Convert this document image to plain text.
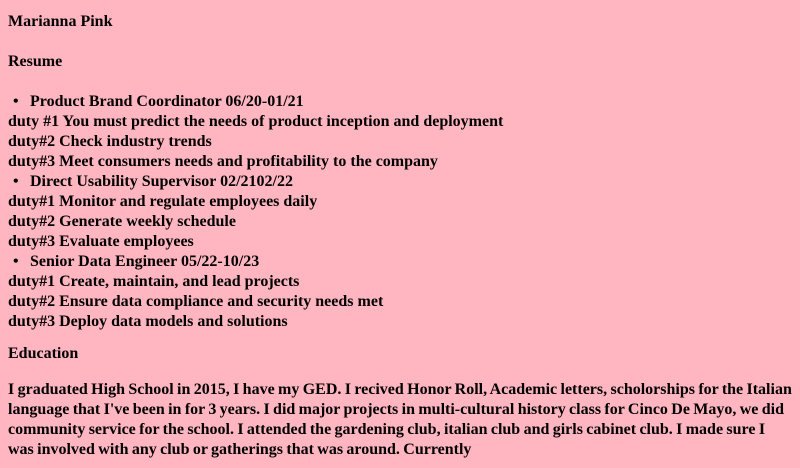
Marianna Pink
Resume
• Product Brand Coordinator 06/20-01/21
duty #1 You must predict the needs of product inception and deployment
duty#2 Check industry trends
duty#3 Meet consumers needs and profitability to the company
• Direct Usability Supervisor 02/2102/22
duty#1 Monitor and regulate employees daily
duty#2 Generate weekly schedule
duty#3 Evaluate employees
• Senior Data Engineer 05/22-10/23
duty#1 Create, maintain, and lead projects
duty#2 Ensure data compliance and security needs met
duty#3 Deploy data models and solutions
Education

I graduated High School in 2015, I have my GED. I recived Honor Roll, Academic letters, scholorships for the Italian language that I've been in for 3 years. I did major projects in multi-cultural history class for Cinco De Mayo, we did community service for the school. I attended the gardening club, italian club and girls cabinet club. I made sure I was involved with any club or gatherings that was around. Currently
